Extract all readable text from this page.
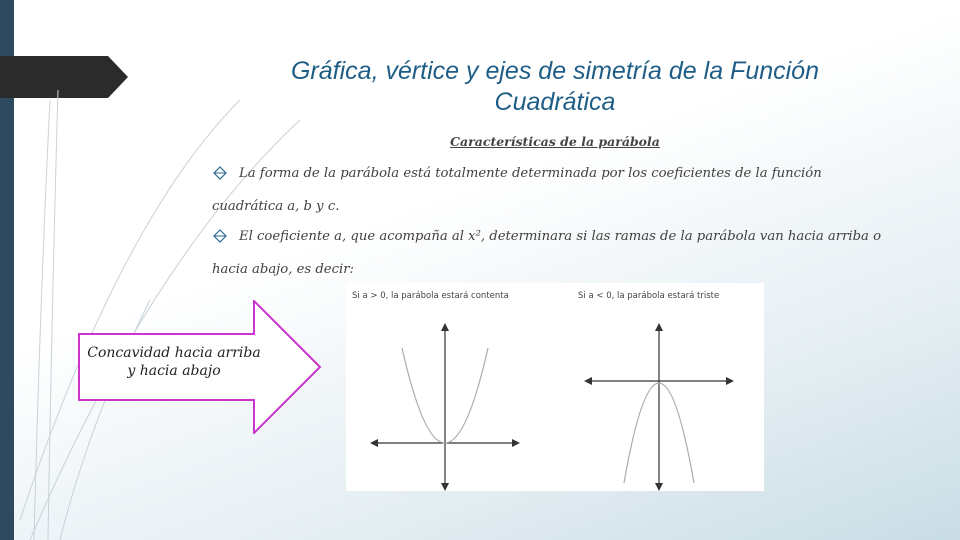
Gráfica, vértice y ejes de simetría de la Función Cuadrática
Características de la parábola
La forma de la parábola está totalmente determinada por los coeficientes de la función cuadrática a, b y c.
El coeficiente a, que acompaña al x², determinara si las ramas de la parábola van hacia arriba o hacia abajo, es decir:
Concavidad hacia arriba y hacia abajo
Si a > 0, la parábola estará contenta	Si a < 0, la parábola estará triste
